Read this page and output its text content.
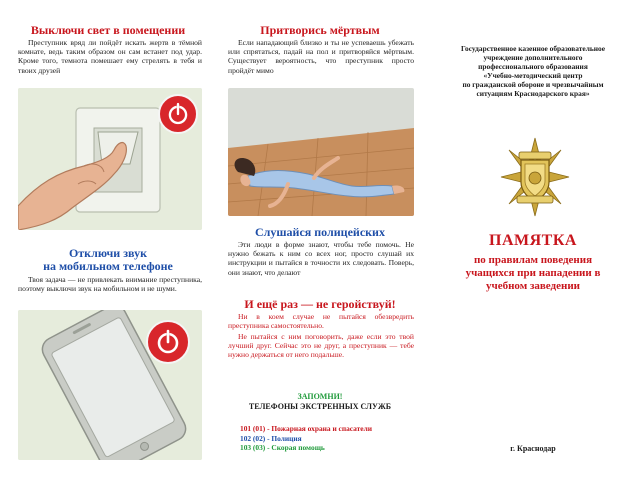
Выключи свет в помещении

Преступник вряд ли пойдёт искать жертв в тёмной комнате, ведь таким образом он сам встанет под удар. Кроме того, темнота помешает ему стрелять в тебя и твоих друзей

Отключи звук
на мобильном телефоне

Твоя задача — не привлекать внимание преступника, поэтому выключи звук на мобильном и не шуми.

Притворись мёртвым

Если нападающий близко и ты не успеваешь убежать или спрятаться, падай на пол и притворяйся мёртвым. Существует вероятность, что преступник просто пройдёт мимо

Слушайся полицейских

Эти люди в форме знают, чтобы тебе помочь. Не нужно бежать к ним со всех ног, просто слушай их инструкции и пытайся в точности их следовать. Поверь, они знают, что делают

И ещё раз — не геройствуй!

Ни в коем случае не пытайся обезвредить преступника самостоятельно.

Не пытайся с ним поговорить, даже если это твой лучший друг. Сейчас это не друг, а преступник — тебе нужно держаться от него подальше.

ЗАПОМНИ!
ТЕЛЕФОНЫ ЭКСТРЕННЫХ СЛУЖБ
101 (01) - Пожарная охрана и спасатели
102 (02) - Полиция
103 (03) - Скорая помощь
Государственное казенное образовательное
учреждение дополнительного
профессионального образования
«Учебно-методический центр
по гражданской обороне и чрезвычайным
ситуациям Краснодарского края»
ПАМЯТКА
по правилам поведения
учащихся при нападении в
учебном заведении
г. Краснодар
